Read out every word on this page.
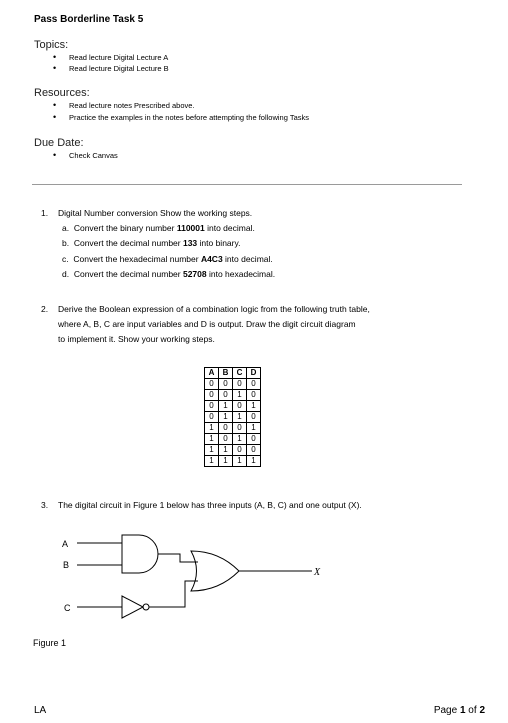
Pass Borderline Task 5
Topics:
• Read lecture Digital Lecture A
• Read lecture Digital Lecture B
Resources:
• Read lecture notes Prescribed above.
• Practice the examples in the notes before attempting the following Tasks
Due Date:
• Check Canvas
1. Digital Number conversion Show the working steps.
a. Convert the binary number 110001 into decimal.
b. Convert the decimal number 133 into binary.
c. Convert the hexadecimal number A4C3 into decimal.
d. Convert the decimal number 52708 into hexadecimal.
2. Derive the Boolean expression of a combination logic from the following truth table,
where A, B, C are input variables and D is output. Draw the digit circuit diagram
to implement it. Show your working steps.
A	B	C	D
0	0	0	0
0	0	1	0
0	1	0	1
0	1	1	0
1	0	0	1
1	0	1	0
1	1	0	0
1	1	1	1
3. The digital circuit in Figure 1 below has three inputs (A, B, C) and one output (X).
A
B
C
X
Figure 1
LA	Page 1 of 2
